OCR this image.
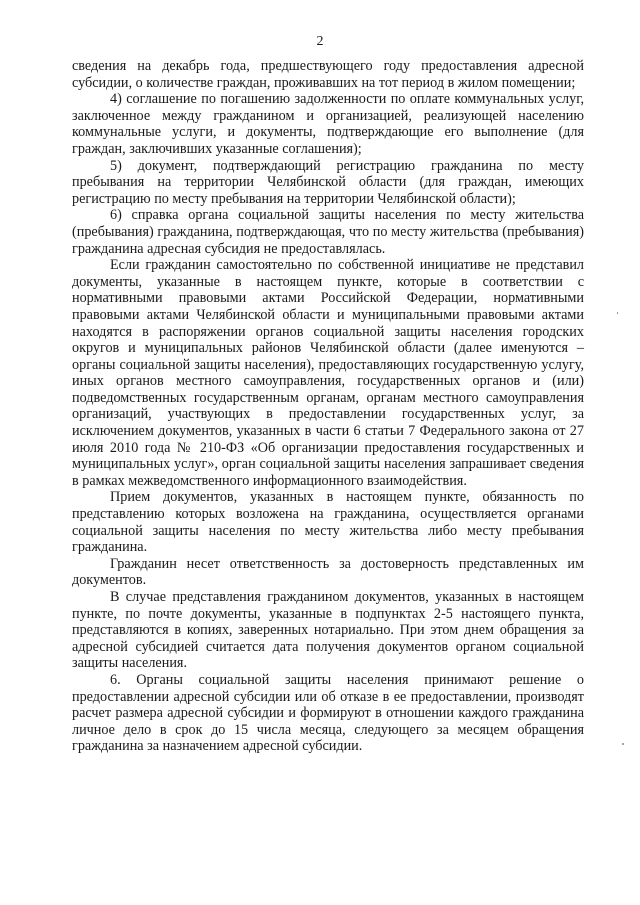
2

сведения на декабрь года, предшествующего году предоставления адресной субсидии, о количестве граждан, проживавших на тот период в жилом помещении;

4) соглашение по погашению задолженности по оплате коммунальных услуг, заключенное между гражданином и организацией, реализующей населению коммунальные услуги, и документы, подтверждающие его выполнение (для граждан, заключивших указанные соглашения);

5) документ, подтверждающий регистрацию гражданина по месту пребывания на территории Челябинской области (для граждан, имеющих регистрацию по месту пребывания на территории Челябинской области);

6) справка органа социальной защиты населения по месту жительства (пребывания) гражданина, подтверждающая, что по месту жительства (пребывания) гражданина адресная субсидия не предоставлялась.

Если гражданин самостоятельно по собственной инициативе не представил документы, указанные в настоящем пункте, которые в соответствии с нормативными правовыми актами Российской Федерации, нормативными правовыми актами Челябинской области и муниципальными правовыми актами находятся в распоряжении органов социальной защиты населения городских округов и муниципальных районов Челябинской области (далее именуются – органы социальной защиты населения), предоставляющих государственную услугу, иных органов местного самоуправления, государственных органов и (или) подведомственных государственным органам, органам местного самоуправления организаций, участвующих в предоставлении государственных услуг, за исключением документов, указанных в части 6 статьи 7 Федерального закона от 27 июля 2010 года № 210-ФЗ «Об организации предоставления государственных и муниципальных услуг», орган социальной защиты населения запрашивает сведения в рамках межведомственного информационного взаимодействия.

Прием документов, указанных в настоящем пункте, обязанность по представлению которых возложена на гражданина, осуществляется органами социальной защиты населения по месту жительства либо месту пребывания гражданина.

Гражданин несет ответственность за достоверность представленных им документов.

В случае представления гражданином документов, указанных в настоящем пункте, по почте документы, указанные в подпунктах 2-5 настоящего пункта, представляются в копиях, заверенных нотариально. При этом днем обращения за адресной субсидией считается дата получения документов органом социальной защиты населения.

6. Органы социальной защиты населения принимают решение о предоставлении адресной субсидии или об отказе в ее предоставлении, производят расчет размера адресной субсидии и формируют в отношении каждого гражданина личное дело в срок до 15 числа месяца, следующего за месяцем обращения гражданина за назначением адресной субсидии.
